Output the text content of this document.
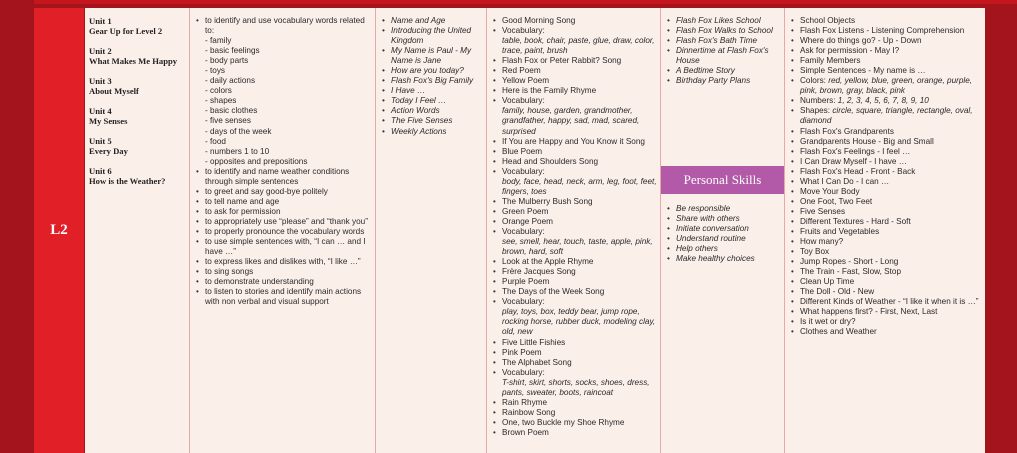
L2
Unit 1
Gear Up for Level 2
Unit 2
What Makes Me Happy
Unit 3
About Myself
Unit 4
My Senses
Unit 5
Every Day
Unit 6
How is the Weather?
• to identify and use vocabulary words related to:
- family
- basic feelings
- body parts
- toys
- daily actions
- colors
- shapes
- basic clothes
- five senses
- days of the week
- food
- numbers 1 to 10
- opposites and prepositions
• to identify and name weather conditions through simple sentences
• to greet and say good-bye politely
• to tell name and age
• to ask for permission
• to appropriately use “please” and “thank you”
• to properly pronounce the vocabulary words
• to use simple sentences with, “I can … and I have …”
• to express likes and dislikes with, “I like …”
• to sing songs
• to demonstrate understanding
• to listen to stories and identify main actions with non verbal and visual support
• Name and Age
• Introducing the United Kingdom
• My Name is Paul - My Name is Jane
• How are you today?
• Flash Fox's Big Family
• I Have …
• Today I Feel …
• Action Words
• The Five Senses
• Weekly Actions
• Good Morning Song
• Vocabulary:
table, book, chair, paste, glue, draw, color, trace, paint, brush
• Flash Fox or Peter Rabbit? Song
• Red Poem
• Yellow Poem
• Here is the Family Rhyme
• Vocabulary:
family, house, garden, grandmother, grandfather, happy, sad, mad, scared, surprised
• If You are Happy and You Know it Song
• Blue Poem
• Head and Shoulders Song
• Vocabulary:
body, face, head, neck, arm, leg, foot, feet, fingers, toes
• The Mulberry Bush Song
• Green Poem
• Orange Poem
• Vocabulary:
see, smell, hear, touch, taste, apple, pink, brown, hard, soft
• Look at the Apple Rhyme
• Frère Jacques Song
• Purple Poem
• The Days of the Week Song
• Vocabulary:
play, toys, box, teddy bear, jump rope, rocking horse, rubber duck, modeling clay, old, new
• Five Little Fishies
• Pink Poem
• The Alphabet Song
• Vocabulary:
T-shirt, skirt, shorts, socks, shoes, dress, pants, sweater, boots, raincoat
• Rain Rhyme
• Rainbow Song
• One, two Buckle my Shoe Rhyme
• Brown Poem
• Flash Fox Likes School
• Flash Fox Walks to School
• Flash Fox's Bath Time
• Dinnertime at Flash Fox's House
• A Bedtime Story
• Birthday Party Plans
Personal Skills
• Be responsible
• Share with others
• Initiate conversation
• Understand routine
• Help others
• Make healthy choices
• School Objects
• Flash Fox Listens - Listening Comprehension
• Where do things go? - Up - Down
• Ask for permission - May I?
• Family Members
• Simple Sentences - My name is …
• Colors: red, yellow, blue, green, orange, purple, pink, brown, gray, black, pink
• Numbers: 1, 2, 3, 4, 5, 6, 7, 8, 9, 10
• Shapes: circle, square, triangle, rectangle, oval, diamond
• Flash Fox's Grandparents
• Grandparents House - Big and Small
• Flash Fox's Feelings - I feel …
• I Can Draw Myself - I have …
• Flash Fox's Head - Front - Back
• What I Can Do - I can …
• Move Your Body
• One Foot, Two Feet
• Five Senses
• Different Textures - Hard - Soft
• Fruits and Vegetables
• How many?
• Toy Box
• Jump Ropes - Short - Long
• The Train - Fast, Slow, Stop
• Clean Up Time
• The Doll - Old - New
• Different Kinds of Weather - “I like it when it is …”
• What happens first? - First, Next, Last
• Is it wet or dry?
• Clothes and Weather
